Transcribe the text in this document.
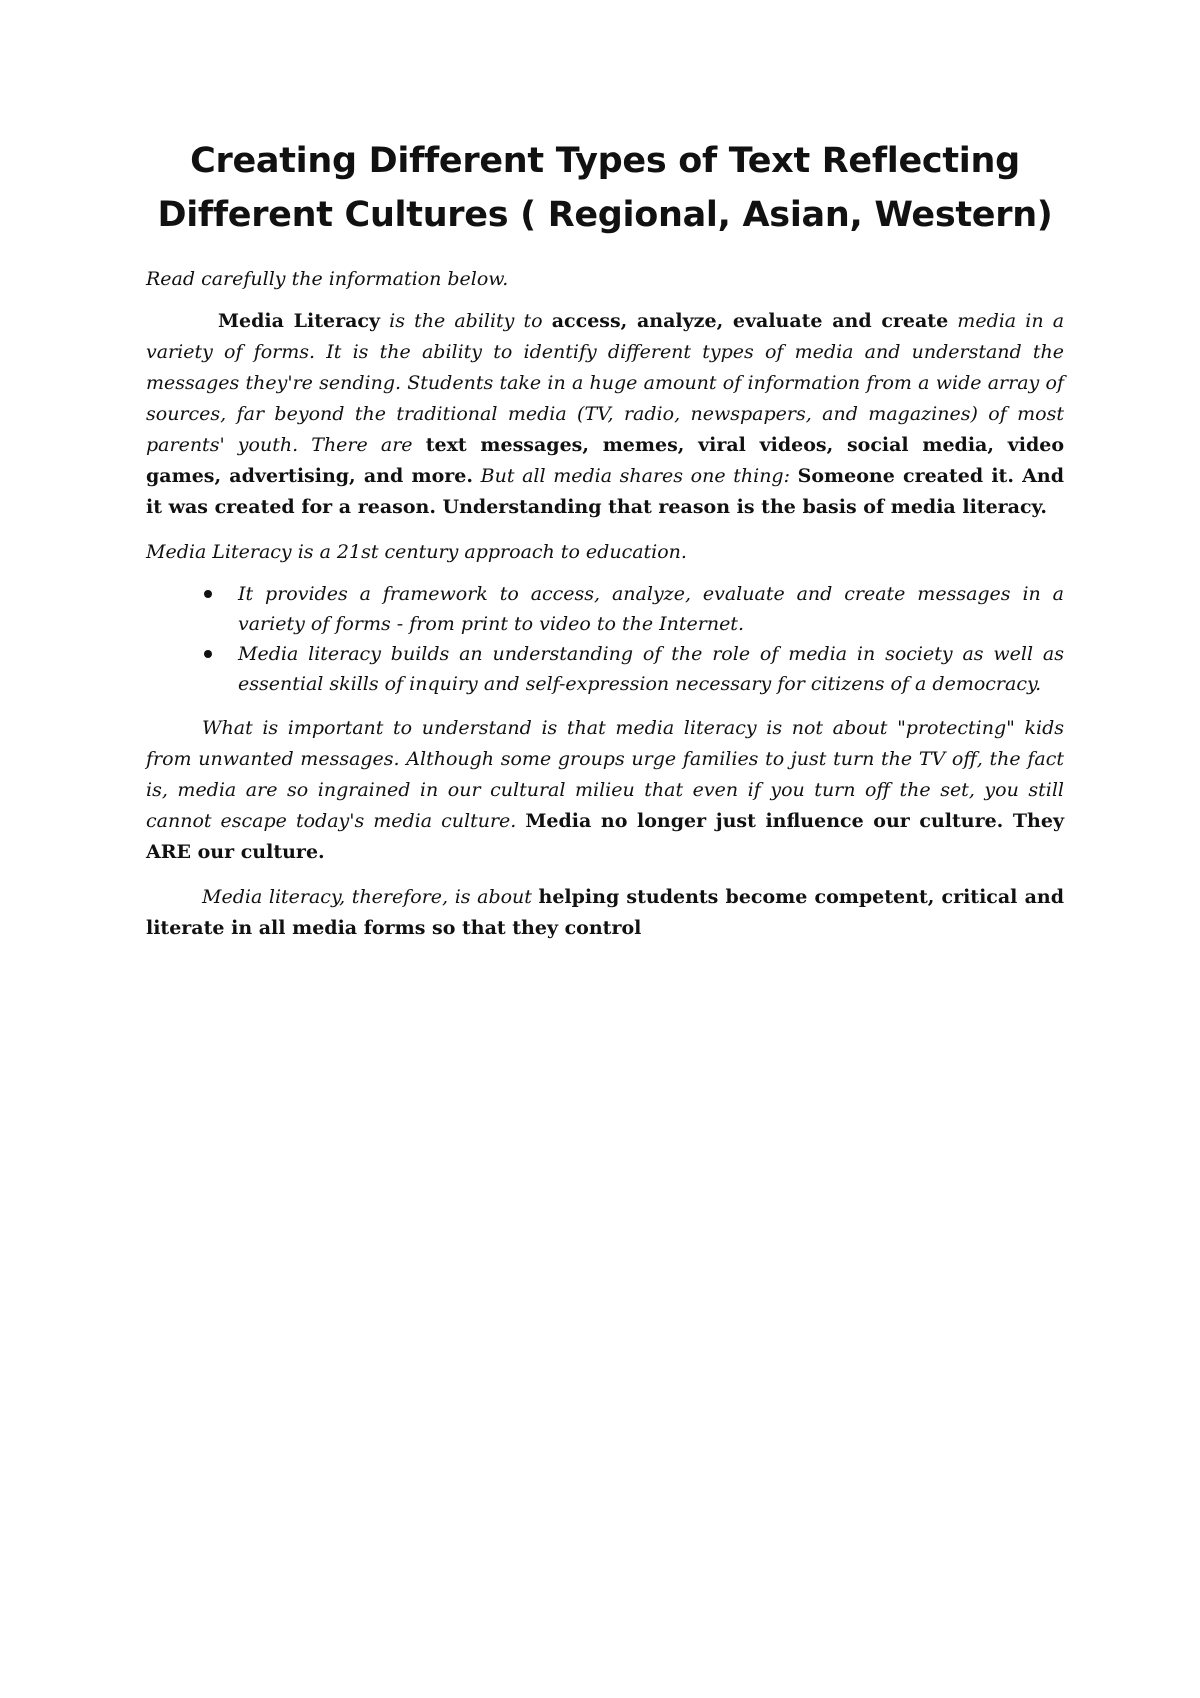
Creating Different Types of Text Reflecting
Different Cultures ( Regional, Asian, Western)

Read carefully the information below.

Media Literacy is the ability to access, analyze, evaluate and create media in a variety of forms. It is the ability to identify different types of media and understand the messages they're sending. Students take in a huge amount of information from a wide array of sources, far beyond the traditional media (TV, radio, newspapers, and magazines) of most parents' youth. There are text messages, memes, viral videos, social media, video games, advertising, and more. But all media shares one thing: Someone created it. And it was created for a reason. Understanding that reason is the basis of media literacy.

Media Literacy is a 21st century approach to education.

It provides a framework to access, analyze, evaluate and create messages in a variety of forms - from print to video to the Internet.
Media literacy builds an understanding of the role of media in society as well as essential skills of inquiry and self-expression necessary for citizens of a democracy.

What is important to understand is that media literacy is not about "protecting" kids from unwanted messages. Although some groups urge families to just turn the TV off, the fact is, media are so ingrained in our cultural milieu that even if you turn off the set, you still cannot escape today's media culture. Media no longer just influence our culture. They ARE our culture.

Media literacy, therefore, is about helping students become competent, critical and literate in all media forms so that they control
